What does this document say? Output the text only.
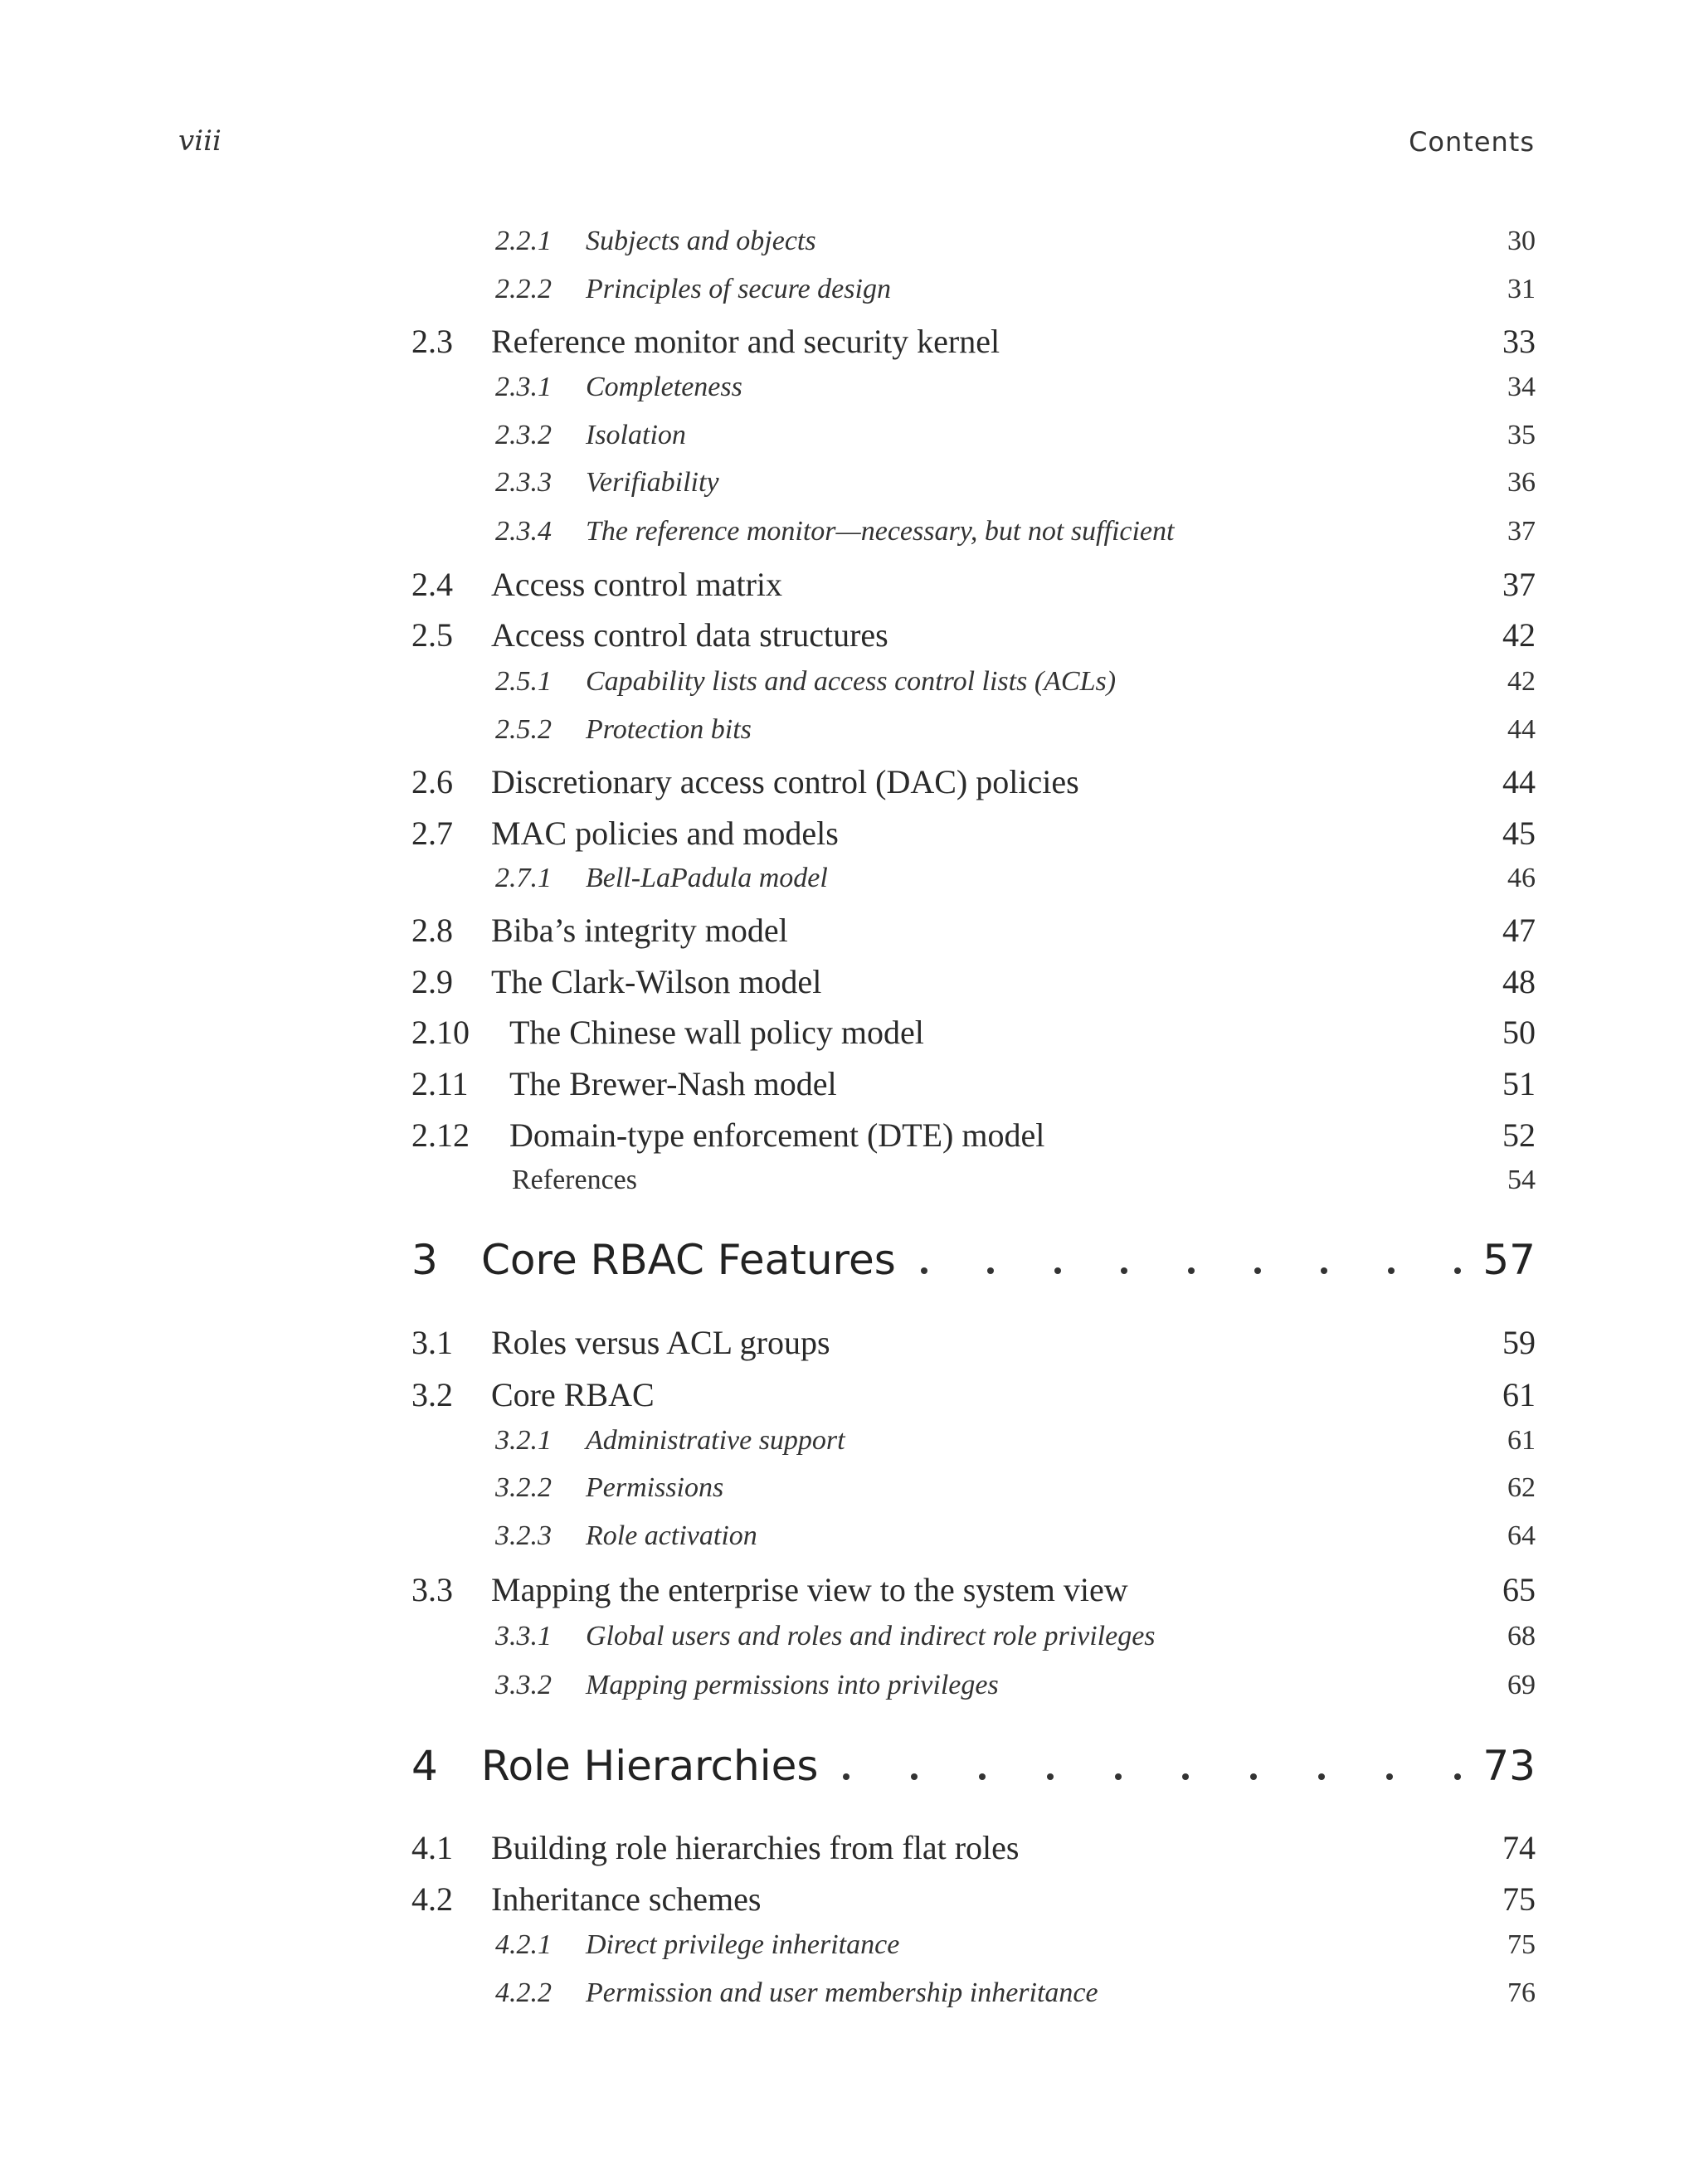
viii	Contents
2.2.1 Subjects and objects	30
2.2.2 Principles of secure design	31
2.3 Reference monitor and security kernel	33
2.3.1 Completeness	34
2.3.2 Isolation	35
2.3.3 Verifiability	36
2.3.4 The reference monitor—necessary, but not sufficient	37
2.4 Access control matrix	37
2.5 Access control data structures	42
2.5.1 Capability lists and access control lists (ACLs)	42
2.5.2 Protection bits	44
2.6 Discretionary access control (DAC) policies	44
2.7 MAC policies and models	45
2.7.1 Bell-LaPadula model	46
2.8 Biba’s integrity model	47
2.9 The Clark-Wilson model	48
2.10 The Chinese wall policy model	50
2.11 The Brewer-Nash model	51
2.12 Domain-type enforcement (DTE) model	52
References	54
3 Core RBAC Features	57
3.1 Roles versus ACL groups	59
3.2 Core RBAC	61
3.2.1 Administrative support	61
3.2.2 Permissions	62
3.2.3 Role activation	64
3.3 Mapping the enterprise view to the system view	65
3.3.1 Global users and roles and indirect role privileges	68
3.3.2 Mapping permissions into privileges	69
4 Role Hierarchies	73
4.1 Building role hierarchies from flat roles	74
4.2 Inheritance schemes	75
4.2.1 Direct privilege inheritance	75
4.2.2 Permission and user membership inheritance	76
